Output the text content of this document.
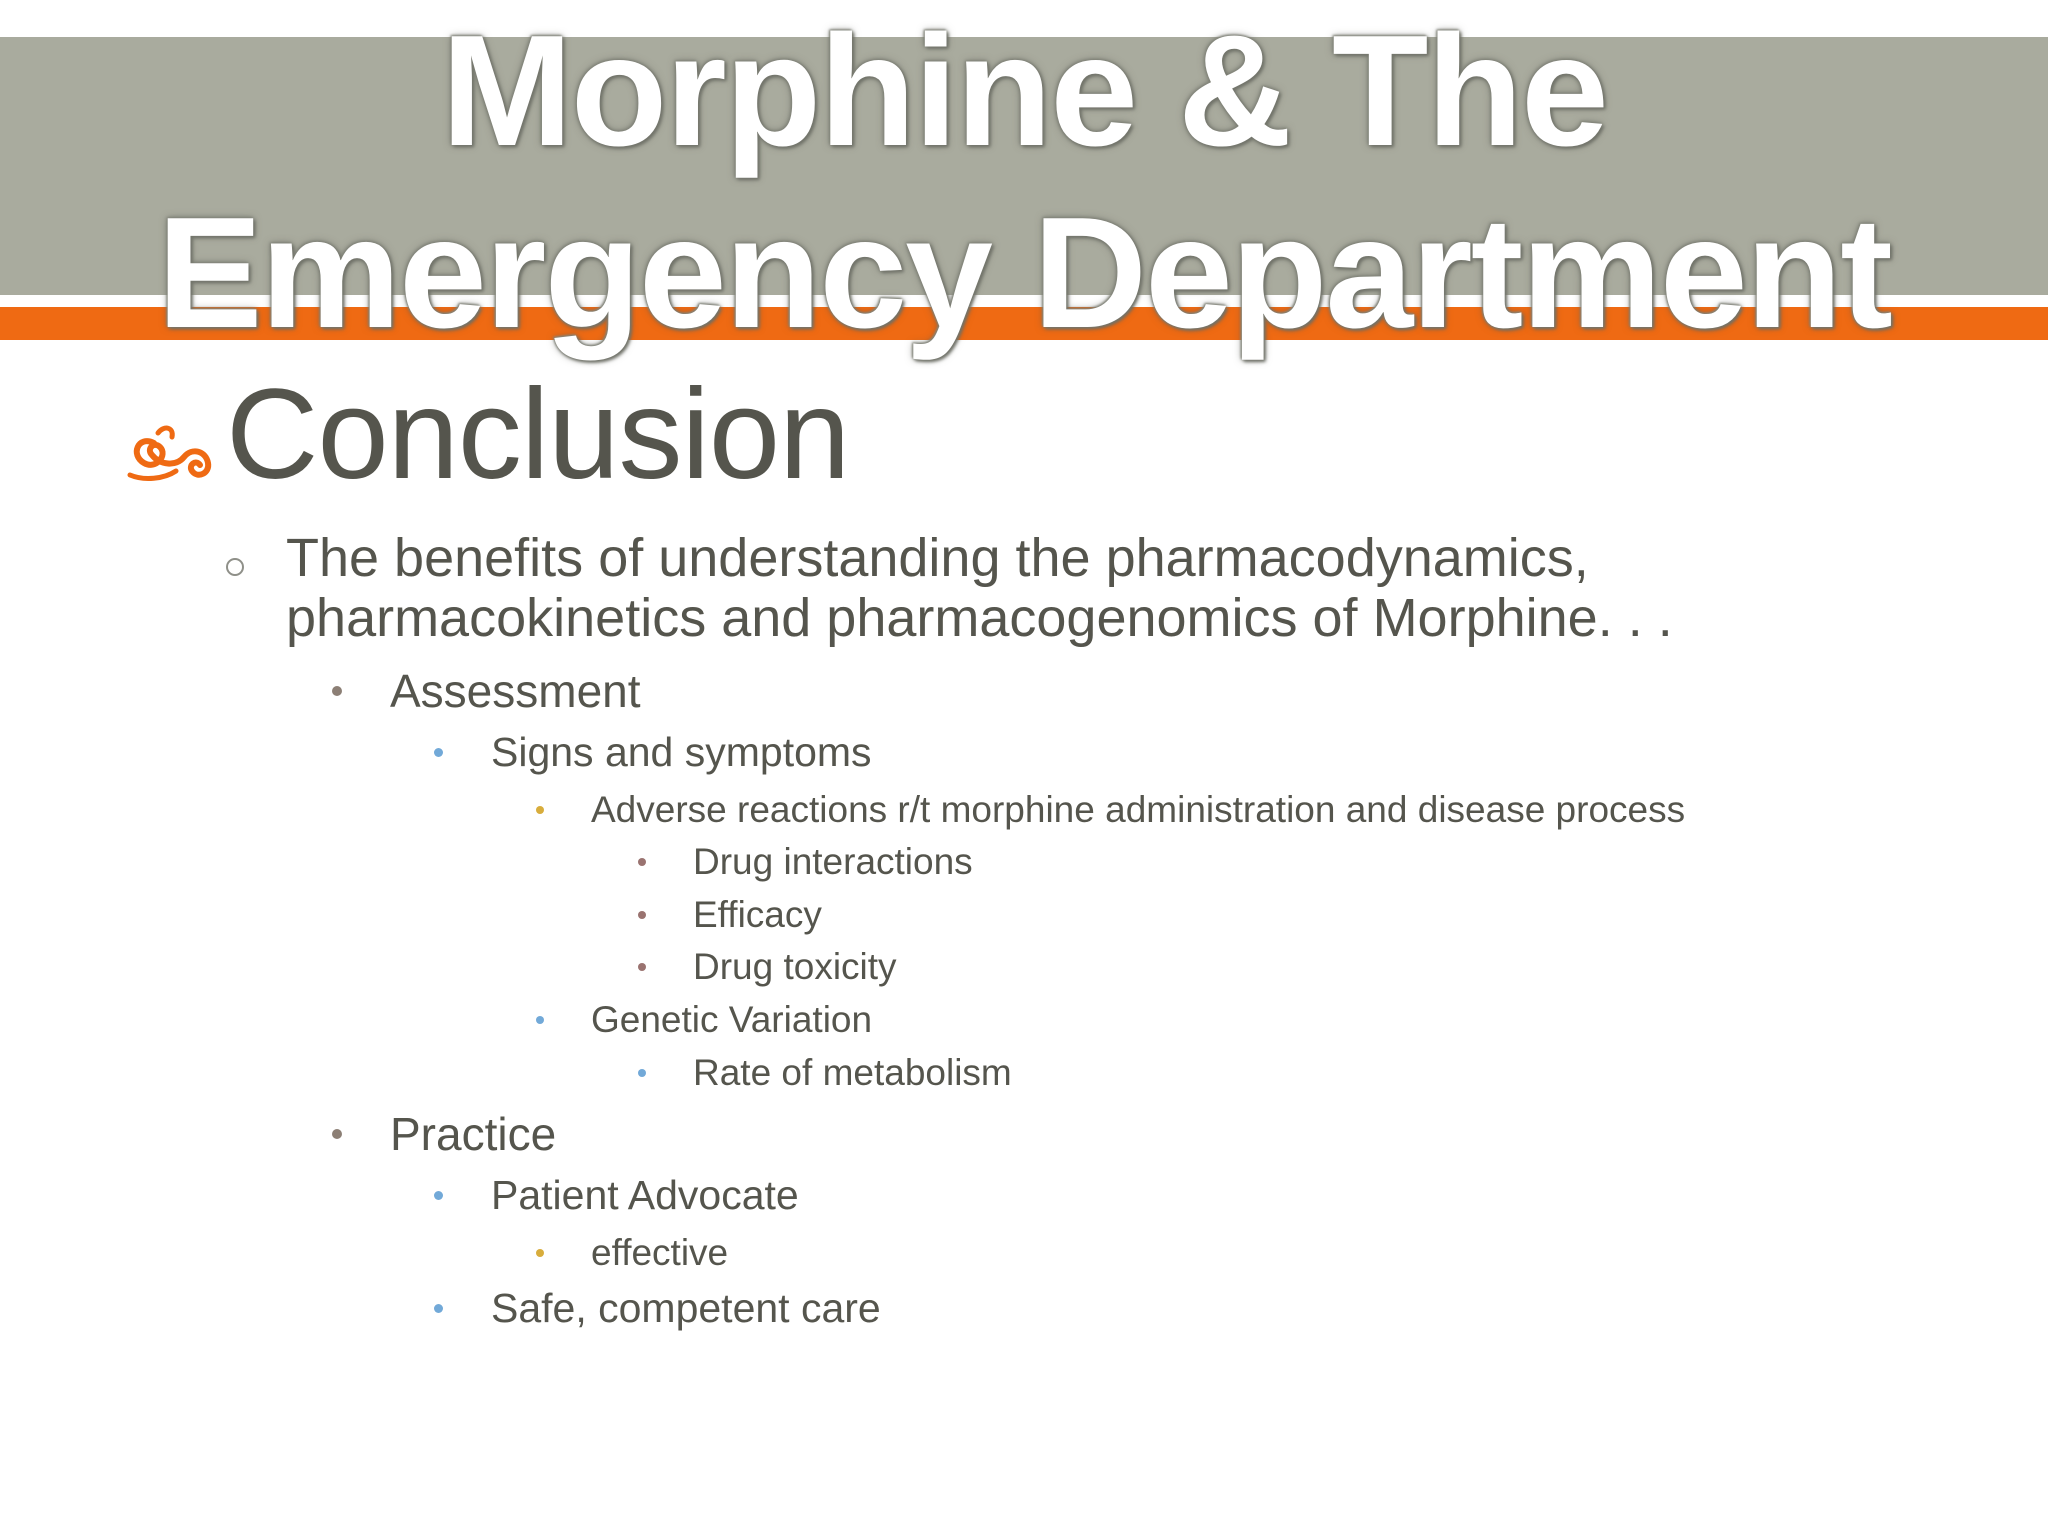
Morphine & The
Emergency Department
Conclusion
The benefits of understanding the pharmacodynamics,
pharmacokinetics and pharmacogenomics of Morphine. . .
Assessment
Signs and symptoms
Adverse reactions r/t morphine administration and disease process
Drug interactions
Efficacy
Drug toxicity
Genetic Variation
Rate of metabolism
Practice
Patient Advocate
effective
Safe, competent care
